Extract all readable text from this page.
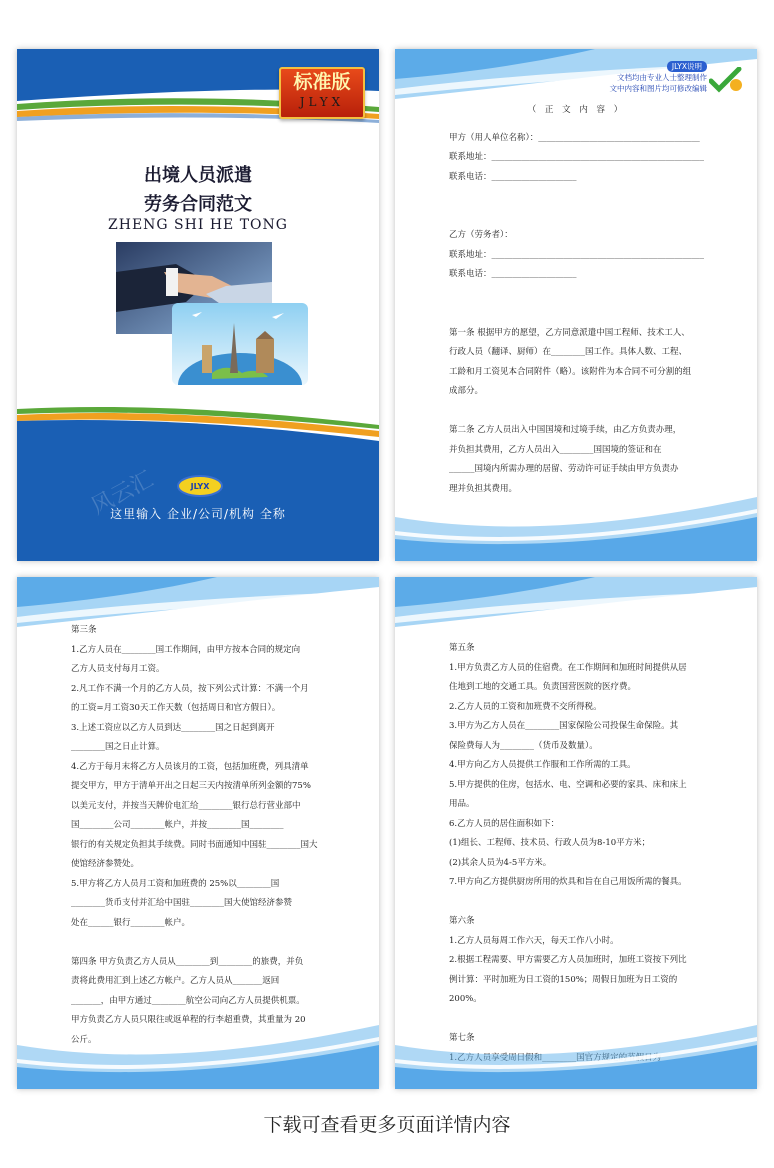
标准版
JLYX
出境人员派遣
劳务合同范文
ZHENG SHI HE TONG
风云汇	JLYX
这里输入 企业/公司/机构 全称
JLYX说明
文档均由专业人士整理制作
文中内容和图片均可修改编辑
（ 正 文 内 容 ）
甲方（用人单位名称）：______________________________________
联系地址：__________________________________________________
联系电话：____________________
乙方（劳务者）：
联系地址：__________________________________________________
联系电话：____________________
第一条 根据甲方的愿望，乙方同意派遣中国工程师、技术工人、
行政人员（翻译、厨师）在________国工作。具体人数、工程、
工龄和月工资见本合同附件（略）。该附件为本合同不可分割的组
成部分。
第二条 乙方人员出入中国国境和过境手续，由乙方负责办理，
并负担其费用，乙方人员出入________国国境的签证和在
______国境内所需办理的居留、劳动许可证手续由甲方负责办
理并负担其费用。
第三条
1.乙方人员在________国工作期间，由甲方按本合同的规定向
乙方人员支付每月工资。
2.凡工作不满一个月的乙方人员，按下列公式计算：不满一个月
的工资=月工资30天工作天数（包括周日和官方假日）。
3.上述工资应以乙方人员到达________国之日起到离开
________国之日止计算。
4.乙方于每月末将乙方人员该月的工资，包括加班费，列具清单
提交甲方，甲方于清单开出之日起三天内按清单所列金额的75%
以美元支付，并按当天牌价电汇给________银行总行营业部中
国________公司________帐户，并按________国________
银行的有关规定负担其手续费。同时书面通知中国驻________国大
使馆经济参赞处。
5.甲方将乙方人员月工资和加班费的 25%以________国
________货币支付并汇给中国驻________国大使馆经济参赞
处在______银行________帐户。
第四条 甲方负责乙方人员从________到________的旅费，并负
责将此费用汇到上述乙方帐户。乙方人员从_______返回
_______，由甲方通过________航空公司向乙方人员提供机票。
甲方负责乙方人员只限往或返单程的行李超重费，其重量为 20
公斤。
第五条
1.甲方负责乙方人员的住宿费。在工作期间和加班时间提供从居
住地到工地的交通工具。负责国营医院的医疗费。
2.乙方人员的工资和加班费不交所得税。
3.甲方为乙方人员在________国家保险公司投保生命保险。其
保险费每人为________（货币及数量）。
4.甲方向乙方人员提供工作服和工作所需的工具。
5.甲方提供的住房，包括水、电、空调和必要的家具、床和床上
用品。
6.乙方人员的居住面积如下：
(1)组长、工程师、技术员、行政人员为8-10平方米；
(2)其余人员为4-5平方米。
7.甲方向乙方提供厨房所用的炊具和旨在自己用饭所需的餐具。
第六条
1.乙方人员每周工作六天，每天工作八小时。
2.根据工程需要、甲方需要乙方人员加班时，加班工资按下列比
例计算：平时加班为日工资的150%；周假日加班为日工资的200%。
第七条
下载可查看更多页面详情内容
